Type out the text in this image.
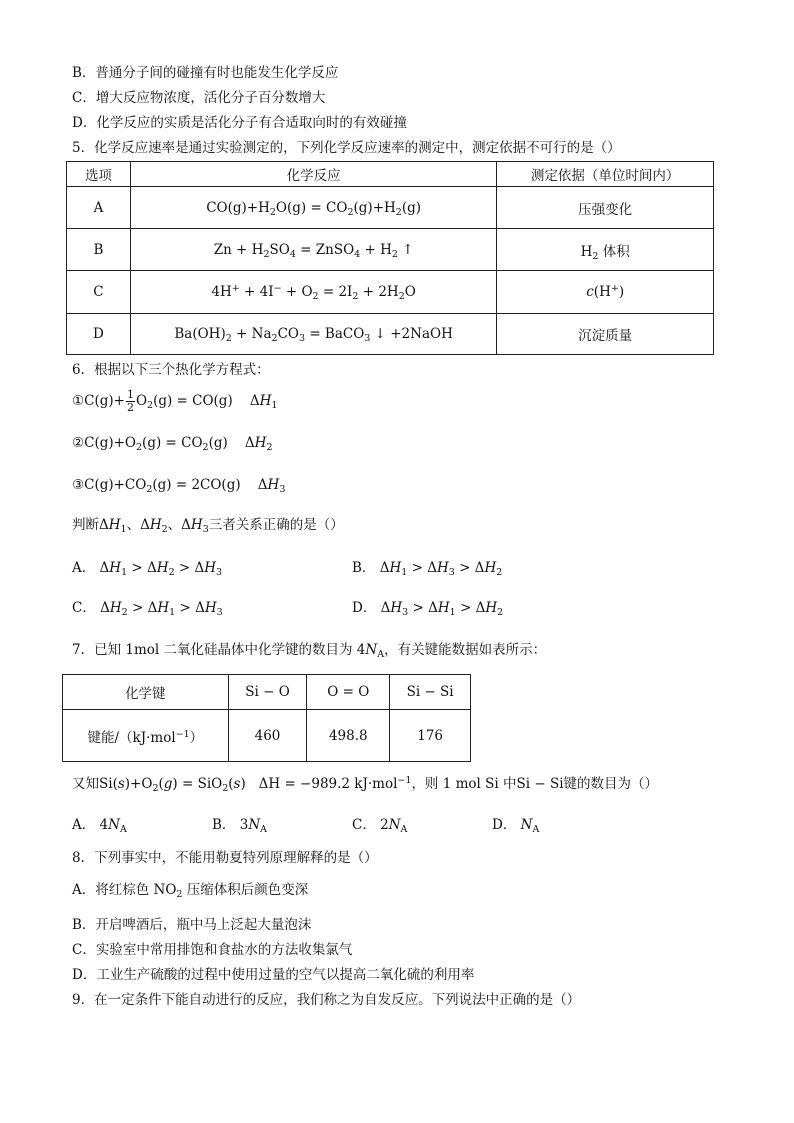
B．普通分子间的碰撞有时也能发生化学反应
C．增大反应物浓度，活化分子百分数增大
D．化学反应的实质是活化分子有合适取向时的有效碰撞
5．化学反应速率是通过实验测定的，下列化学反应速率的测定中，测定依据不可行的是（）
选项	化学反应	测定依据（单位时间内）
A	$CO(g)+H_2O(g) = CO_2(g)+H_2(g)$	压强变化
B	$Zn + H_2SO_4$ = ZnSO$_4$ + $H_2$ ↑	$H_2$ 体积
C	$4H^+ + 4I^- + O_2 = 2I_2 + 2H_2O$	c(H+)
D	$Ba(OH)_2 + Na_2CO_3$ = BaCO$_3$ ↓ +2NaOH	沉淀质量
6．根据以下三个热化学方程式：
①C(g)+ $\frac{1}{2} O_2(g) = CO(g)$    $\Delta H_1$
$②C(g)+O_2(g) = CO_2(g)$    $\Delta H_2$
$③C(g)+CO_2(g) = 2CO(g)$    $\Delta H_3$
判断$\Delta H_1$、$\Delta H_2$、$\Delta H_3$三者关系正确的是（）
A． $\Delta H_1 > \Delta H_2 > \Delta H_3$	B． $\Delta H_1 > \Delta H_3 > \Delta H_2$
C． $\Delta H_2 > \Delta H_1 > \Delta H_3$	D． $\Delta H_3 > \Delta H_1 > \Delta H_2$
7．已知 1mol 二氧化硅晶体中化学键的数目为 $4N_A$，有关键能数据如表所示：
化学键	Si − O	O = O	Si − Si
键能/（kJ·mol$^{-1}$）	460	498.8	176
又知$Si(s)+O_2(g) = SiO_2(s) \Delta H = -989.2$ kJ·mol$^{-1}$，则 1 mol Si 中Si − Si键的数目为（）
A． $4N_A$	B． $3N_A$	C． $2N_A$	D． $N_A$
8．下列事实中，不能用勒夏特列原理解释的是（）
A．将红棕色 $NO_2$ 压缩体积后颜色变深
B．开启啤酒后，瓶中马上泛起大量泡沫
C．实验室中常用排饱和食盐水的方法收集氯气
D．工业生产硫酸的过程中使用过量的空气以提高二氧化硫的利用率
9．在一定条件下能自动进行的反应，我们称之为自发反应。下列说法中正确的是（）
